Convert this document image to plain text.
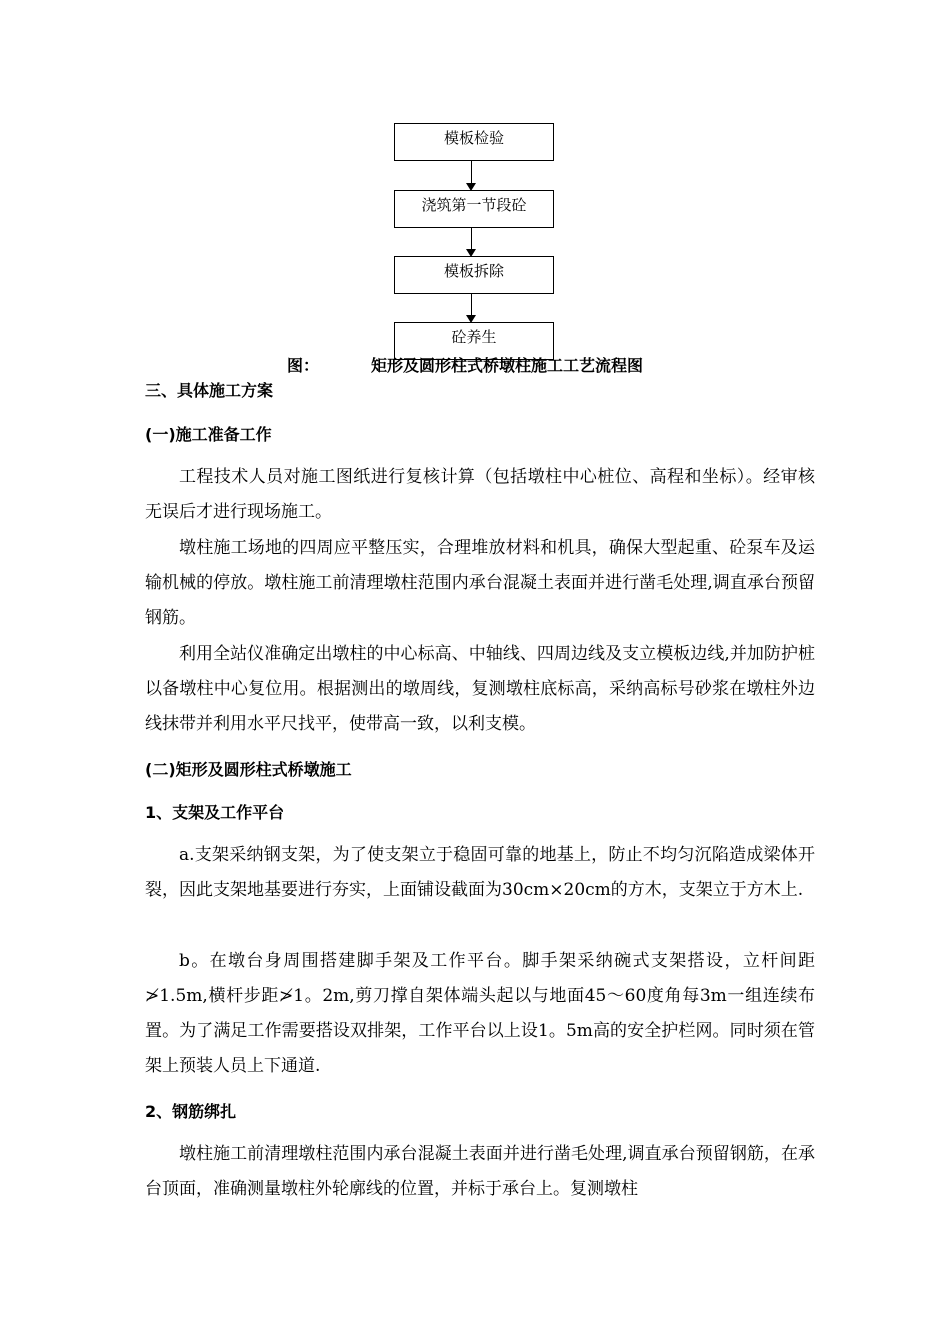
模板检验
浇筑第一节段砼
模板拆除
砼养生
图：	矩形及圆形柱式桥墩柱施工工艺流程图
三、具体施工方案
(一)施工准备工作

工程技术人员对施工图纸进行复核计算（包括墩柱中心桩位、高程和坐标）。经审核无误后才进行现场施工。

墩柱施工场地的四周应平整压实，合理堆放材料和机具，确保大型起重、砼泵车及运输机械的停放。墩柱施工前清理墩柱范围内承台混凝土表面并进行凿毛处理,调直承台预留钢筋。

利用全站仪准确定出墩柱的中心标高、中轴线、四周边线及支立模板边线,并加防护桩以备墩柱中心复位用。根据测出的墩周线，复测墩柱底标高，采纳高标号砂浆在墩柱外边线抹带并利用水平尺找平，使带高一致，以利支模。

(二)矩形及圆形柱式桥墩施工
1、支架及工作平台

a.支架采纳钢支架，为了使支架立于稳固可靠的地基上，防止不均匀沉陷造成梁体开裂，因此支架地基要进行夯实，上面铺设截面为30cm×20cm的方木，支架立于方木上.

b。在墩台身周围搭建脚手架及工作平台。脚手架采纳碗式支架搭设，立杆间距≯1.5m,横杆步距≯1。2m,剪刀撑自架体端头起以与地面45～60度角每3m一组连续布置。为了满足工作需要搭设双排架，工作平台以上设1。5m高的安全护栏网。同时须在管架上预装人员上下通道.

2、钢筋绑扎

墩柱施工前清理墩柱范围内承台混凝土表面并进行凿毛处理,调直承台预留钢筋，在承台顶面，准确测量墩柱外轮廓线的位置，并标于承台上。复测墩柱
